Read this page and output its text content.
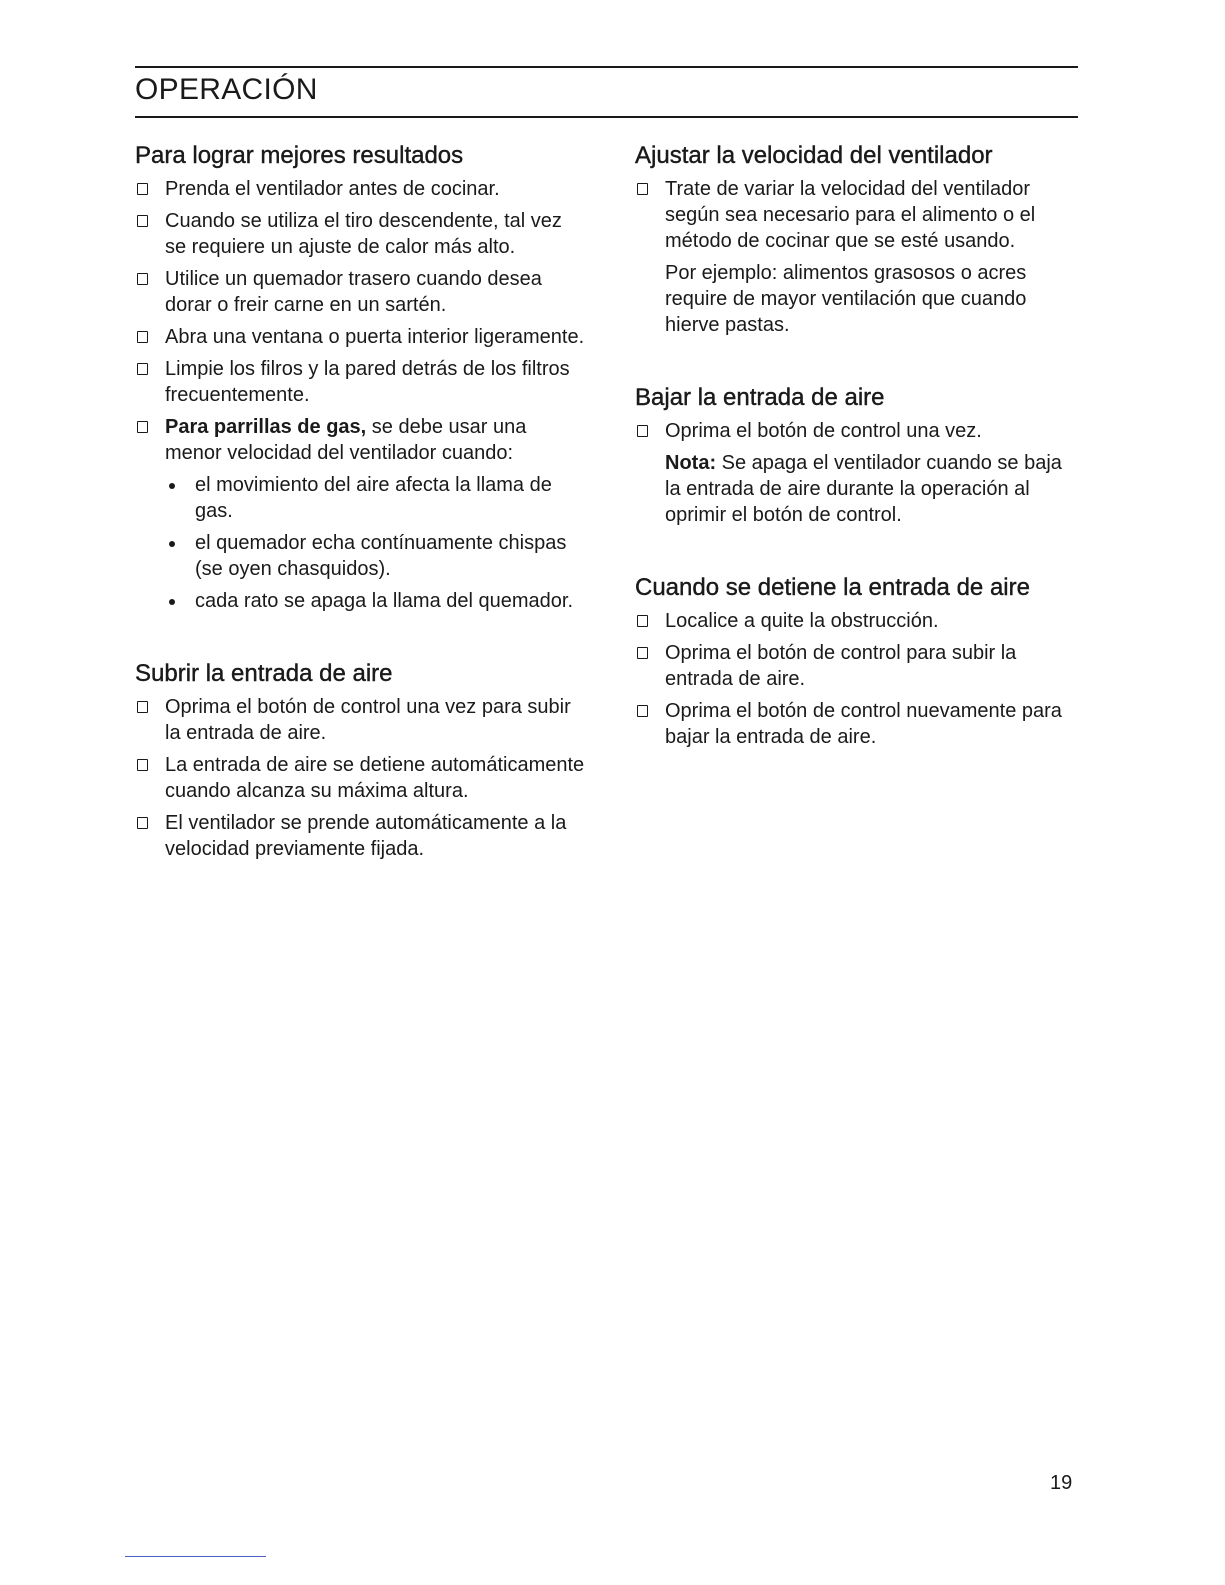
OPERACIÓN
Para lograr mejores resultados
Prenda el ventilador antes de cocinar.
Cuando se utiliza el tiro descendente, tal vez se requiere un ajuste de calor más alto.
Utilice un quemador trasero cuando desea dorar o freir carne en un sartén.
Abra una ventana o puerta interior ligeramente.
Limpie los filros y la pared detrás de los filtros frecuentemente.
Para parrillas de gas, se debe usar una menor velocidad del ventilador cuando:
el movimiento del aire afecta la llama de gas.
el quemador echa contínuamente chispas (se oyen chasquidos).
cada rato se apaga la llama del quemador.
Subrir la entrada de aire
Oprima el botón de control una vez para subir la entrada de aire.
La entrada de aire se detiene automáticamente cuando alcanza su máxima altura.
El ventilador se prende automáticamente a la velocidad previamente fijada.
Ajustar la velocidad del ventilador
Trate de variar la velocidad del ventilador según sea necesario para el alimento o el método de cocinar que se esté usando.
Por ejemplo: alimentos grasosos o acres require de mayor ventilación que cuando hierve pastas.
Bajar la entrada de aire
Oprima el botón de control una vez.
Nota: Se apaga el ventilador cuando se baja la entrada de aire durante la operación al oprimir el botón de control.
Cuando se detiene la entrada de aire
Localice a quite la obstrucción.
Oprima el botón de control para subir la entrada de aire.
Oprima el botón de control nuevamente para bajar la entrada de aire.
19
